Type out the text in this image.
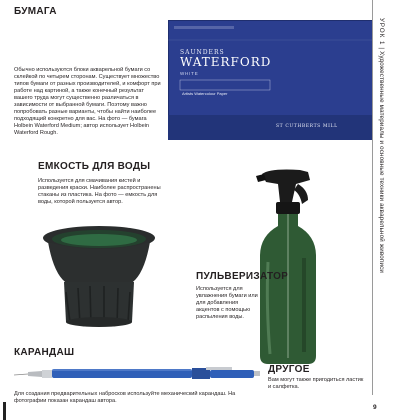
БУМАГА
SAUNDERS
WATERFORD
WHITE
Artists Watercolour Paper
ST CUTHBERTS MILL

Обычно используются блоки акварельной бумаги со склейкой по четырем сторонам. Существует множество типов бумаги от разных производителей, и комфорт при работе над картиной, а также конечный результат вашего труда могут существенно различаться в зависимости от выбранной бумаги. Поэтому важно попробовать разные варианты, чтобы найти наиболее подходящий конкретно для вас. На фото — бумага Holbein Waterford Medium; автор использует Holbein Waterford Rough.

ЕМКОСТЬ ДЛЯ ВОДЫ

Используется для смачивания кистей и разведения краски. Наиболее распространены стаканы из пластика. На фото — емкость для воды, которой пользуется автор.

ПУЛЬВЕРИЗАТОР

Используется для увлажнения бумаги или для добавления акцентов с помощью распыления воды.

КАРАНДАШ

Для создания предварительных набросков используйте механический карандаш. На фотографии показан карандаш автора.

ДРУГОЕ

Вам могут также пригодиться ластик и салфетка.

УРОК 1 | Художественные материалы и основные техники акварельной живописи
9
